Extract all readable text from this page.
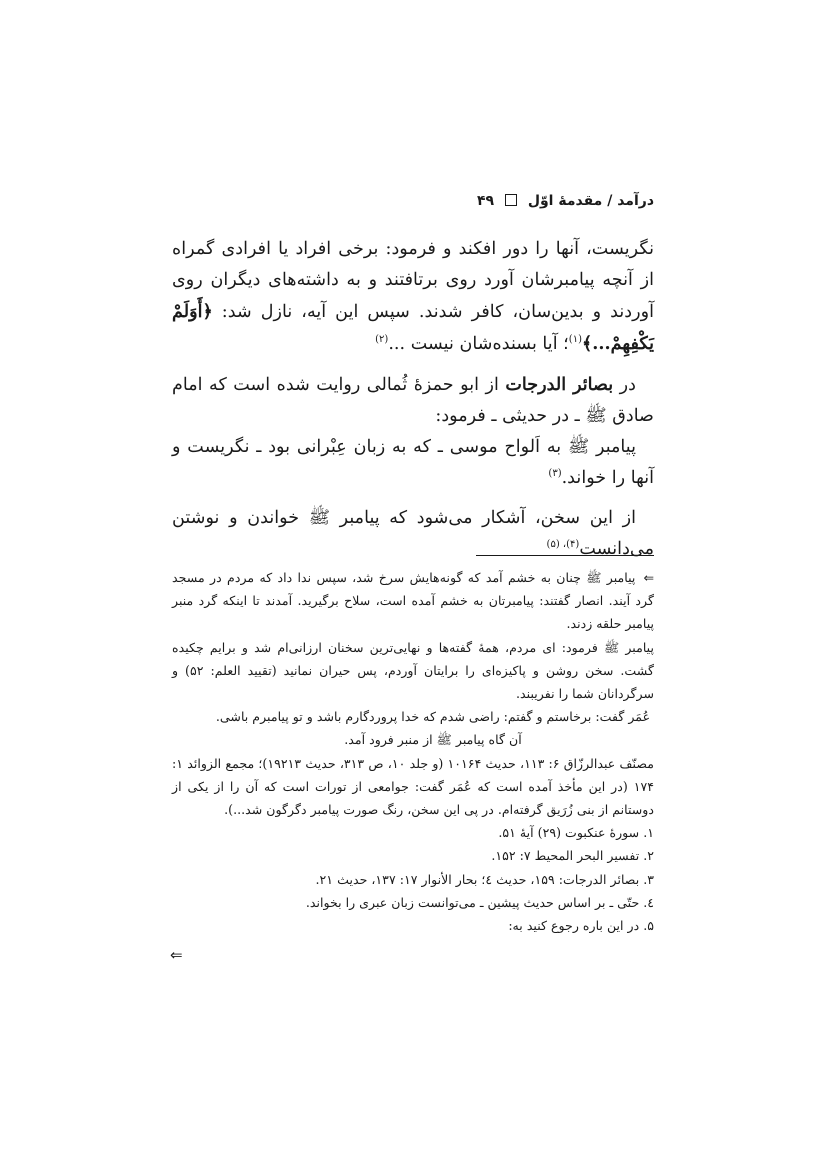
درآمد / مقدمهٔ اوّل  ۴۹

نگریست، آنها را دور افکند و فرمود: برخی افراد یا افرادی گمراه از آنچه پیامبرشان آورد روی برتافتند و به داشته‌های دیگران روی آوردند و بدین‌سان، کافر شدند. سپس این آیه، نازل شد: ﴿أَوَلَمْ يَكْفِهِمْ...﴾$^{(۱)}$؛ آیا بسنده‌شان نیست ...$^{(۲)}$

در بصائر الدرجات از ابو حمزهٔ ثُمالی روایت شده است که امام صادق ﷺ ـ در حدیثی ـ فرمود:

پیامبر ﷺ به اَلواح موسی ـ که به زبان عِبْرانی بود ـ نگریست و آنها را خواند.$^{(۳)}$

از این سخن، آشکار می‌شود که پیامبر ﷺ خواندن و نوشتن می‌دانست$^{(۴)، (۵)}$

⇐پیامبر ﷺ چنان به خشم آمد که گونه‌هایش سرخ شد، سپس ندا داد که مردم در مسجد گرد آیند. انصار گفتند: پیامبرتان به خشم آمده است، سلاح برگیرید. آمدند تا اینکه گرد منبر پیامبر حلقه زدند.

پیامبر ﷺ فرمود: ای مردم، همهٔ گفته‌ها و نهایی‌ترین سخنان ارزانی‌ام شد و برایم چکیده گشت. سخن روشن و پاکیزه‌ای را برایتان آوردم، پس حیران نمانید (تقیید العلم: ۵۲) و سرگردانان شما را نفریبند.

عُمَر گفت: برخاستم و گفتم: راضی شدم که خدا پروردگارم باشد و تو پیامبرم باشی.

آن گاه پیامبر ﷺ از منبر فرود آمد.

مصنّف عبدالرزّاق ۶: ۱۱۳، حدیث ۱۰۱۶۴ (و جلد ۱۰، ص ۳۱۳، حدیث ۱۹۲۱۳)؛ مجمع الزوائد ۱: ۱۷۴ (در این مأخذ آمده است که عُمَر گفت: جوامعی از تورات است که آن را از یکی از دوستانم از بنی زُرَیق گرفته‌ام. در پی این سخن، رنگ صورت پیامبر دگرگون شد...).

۱. سورهٔ عنکبوت (۲۹) آیهٔ ۵۱.
۲. تفسیر البحر المحیط ۷: ۱۵۲.
۳. بصائر الدرجات: ۱۵۹، حدیث ٤؛ بحار الأنوار ۱۷: ۱۳۷، حدیث ۲۱.
٤. حتّی ـ بر اساس حدیث پیشین ـ می‌توانست زبان عبری را بخواند.
۵. در این باره رجوع کنید به:
⇐
